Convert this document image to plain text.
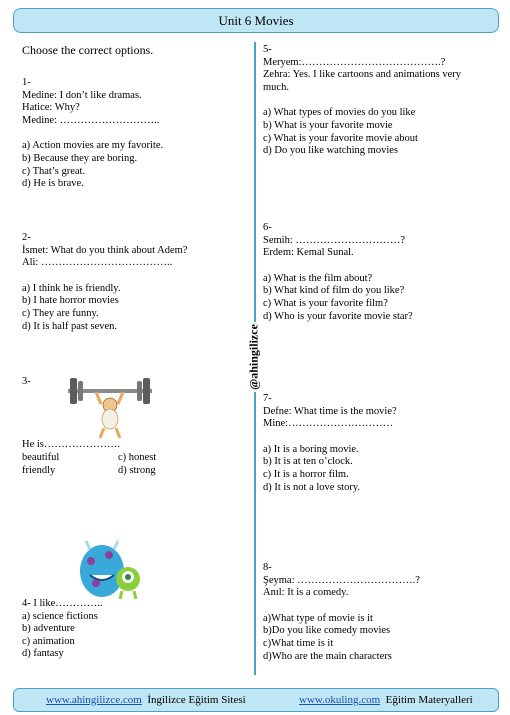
Unit 6 Movies
@ahingilizce
Choose the correct options.
1-
Medine: I don’t like dramas.
Hatice: Why?
Medine: ………………………..
a) Action movies are my favorite.
b) Because they are boring.
c) That’s great.
d) He is brave.
2-
İsmet: What do you think about Adem?
Ali: ………………………………..
a) I think he is friendly.
b) I hate horror movies
c) They are funny.
d) It is half past seven.
3-
He is………………….
beautiful
friendly
c) honest
d) strong
4- I like…………..
a) science fictions
b) adventure
c) animation
d) fantasy
5-
Meryem:………………………………….?
Zehra: Yes. I like cartoons and animations very
much.
a) What types of movies do you like
b) What is your favorite movie
c) What is your favorite movie about
d) Do you like watching movies
6-
Semih: …………………………?
Erdem: Kemal Sunal.
a) What is the film about?
b) What kind of film do you like?
c) What is your favorite film?
d) Who is your favorite movie star?
7-
Defne: What time is the movie?
Mine:…………………………
a) It is a boring movie.
b) It is at ten o’clock.
c) It is a horror film.
d) It is not a love story.
8-
Şeyma: …………………………….?
Anıl: It is a comedy.
a)What type of movie is it
b)Do you like comedy movies
c)What time is it
d)Who are the main characters
www.ahingilizce.com İngilizce Eğitim Sitesi	www.okuling.com Eğitim Materyalleri
